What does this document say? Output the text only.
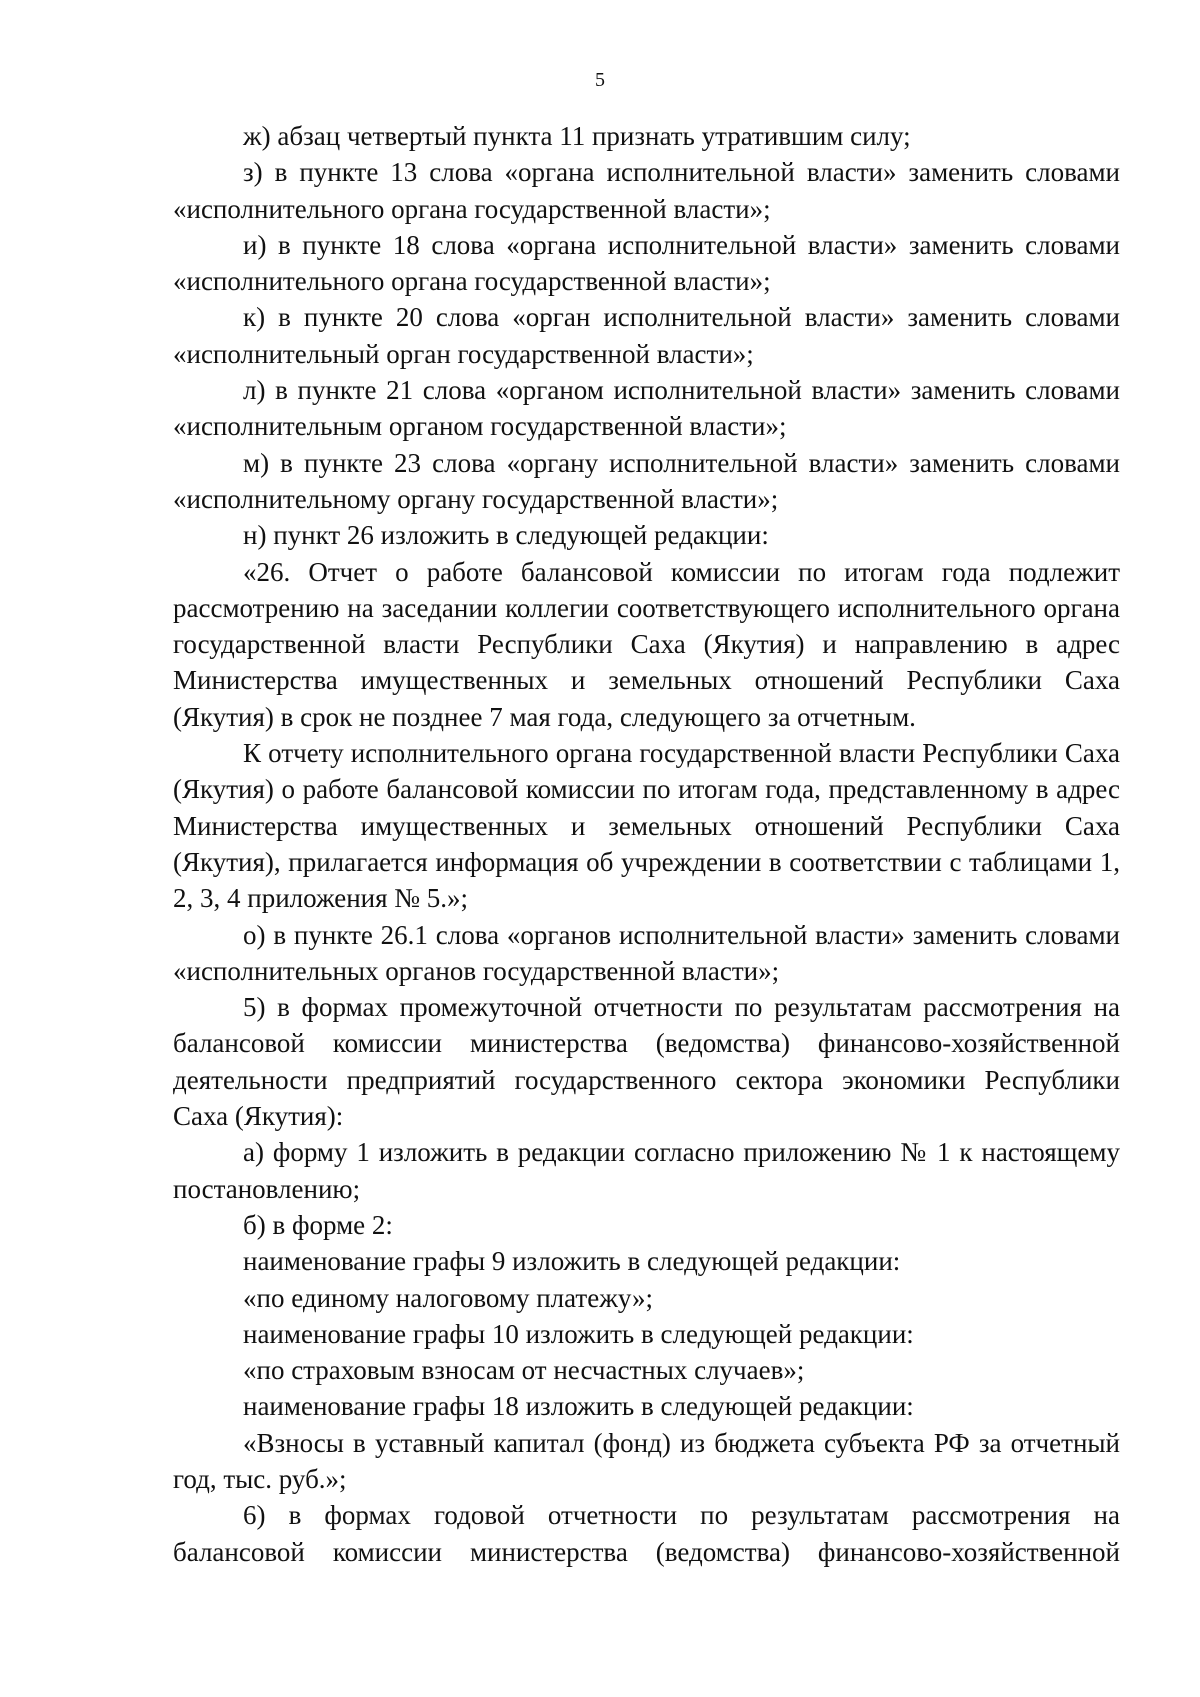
5

ж) абзац четвертый пункта 11 признать утратившим силу;

з) в пункте 13 слова «органа исполнительной власти» заменить словами «исполнительного органа государственной власти»;

и) в пункте 18 слова «органа исполнительной власти» заменить словами «исполнительного органа государственной власти»;

к) в пункте 20 слова «орган исполнительной власти» заменить словами «исполнительный орган государственной власти»;

л) в пункте 21 слова «органом исполнительной власти» заменить словами «исполнительным органом государственной власти»;

м) в пункте 23 слова «органу исполнительной власти» заменить словами «исполнительному органу государственной власти»;

н) пункт 26 изложить в следующей редакции:

«26. Отчет о работе балансовой комиссии по итогам года подлежит рассмотрению на заседании коллегии соответствующего исполнительного органа государственной власти Республики Саха (Якутия) и направлению в адрес Министерства имущественных и земельных отношений Республики Саха (Якутия) в срок не позднее 7 мая года, следующего за отчетным.

К отчету исполнительного органа государственной власти Республики Саха (Якутия) о работе балансовой комиссии по итогам года, представленному в адрес Министерства имущественных и земельных отношений Республики Саха (Якутия), прилагается информация об учреждении в соответствии с таблицами 1, 2, 3, 4 приложения № 5.»;

о) в пункте 26.1 слова «органов исполнительной власти» заменить словами «исполнительных органов государственной власти»;

5) в формах промежуточной отчетности по результатам рассмотрения на балансовой комиссии министерства (ведомства) финансово-хозяйственной деятельности предприятий государственного сектора экономики Республики Саха (Якутия):

а) форму 1 изложить в редакции согласно приложению № 1 к настоящему постановлению;

б) в форме 2:

наименование графы 9 изложить в следующей редакции:

«по единому налоговому платежу»;

наименование графы 10 изложить в следующей редакции:

«по страховым взносам от несчастных случаев»;

наименование графы 18 изложить в следующей редакции:

«Взносы в уставный капитал (фонд) из бюджета субъекта РФ за отчетный год, тыс. руб.»;

6) в формах годовой отчетности по результатам рассмотрения на балансовой комиссии министерства (ведомства) финансово-хозяйственной
